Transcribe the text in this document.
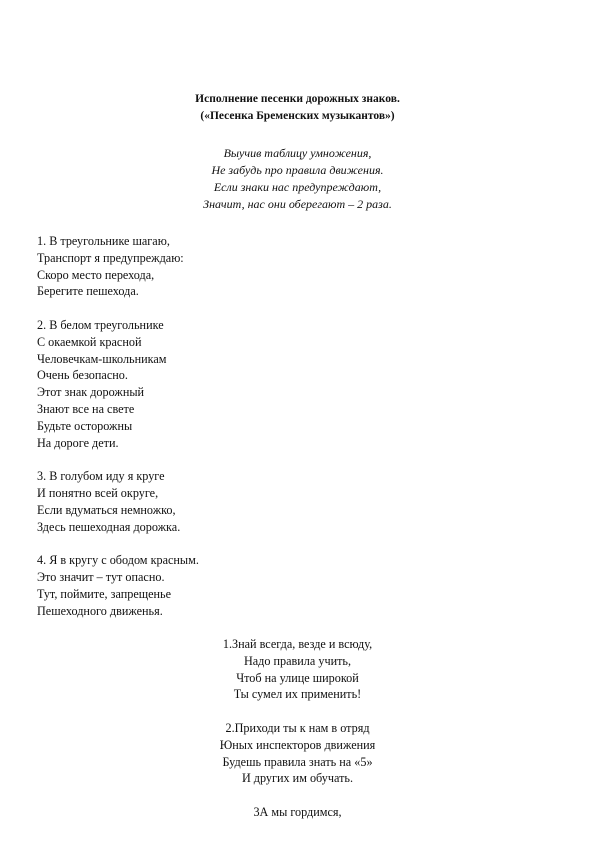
Исполнение песенки дорожных знаков.
(«Песенка Бременских музыкантов»)
Выучив таблицу умножения,
Не забудь про правила движения.
Если знаки нас предупреждают,
Значит, нас они оберегают – 2 раза.
1. В треугольнике шагаю,
Транспорт я предупреждаю:
Скоро место перехода,
Берегите пешехода.
2. В белом треугольнике
С окаемкой красной
Человечкам-школьникам
Очень безопасно.
Этот знак дорожный
Знают все на свете
Будьте осторожны
На дороге дети.
3. В голубом иду я круге
И понятно всей округе,
Если вдуматься немножко,
Здесь пешеходная дорожка.
4. Я в кругу с ободом красным.
Это значит – тут опасно.
Тут, поймите, запрещенье
Пешеходного движенья.
1.Знай всегда, везде и всюду,
Надо правила учить,
Чтоб на улице широкой
Ты сумел их применить!
2.Приходи ты к нам в отряд
Юных инспекторов движения
Будешь правила знать на «5»
И других им обучать.
3А мы гордимся,
